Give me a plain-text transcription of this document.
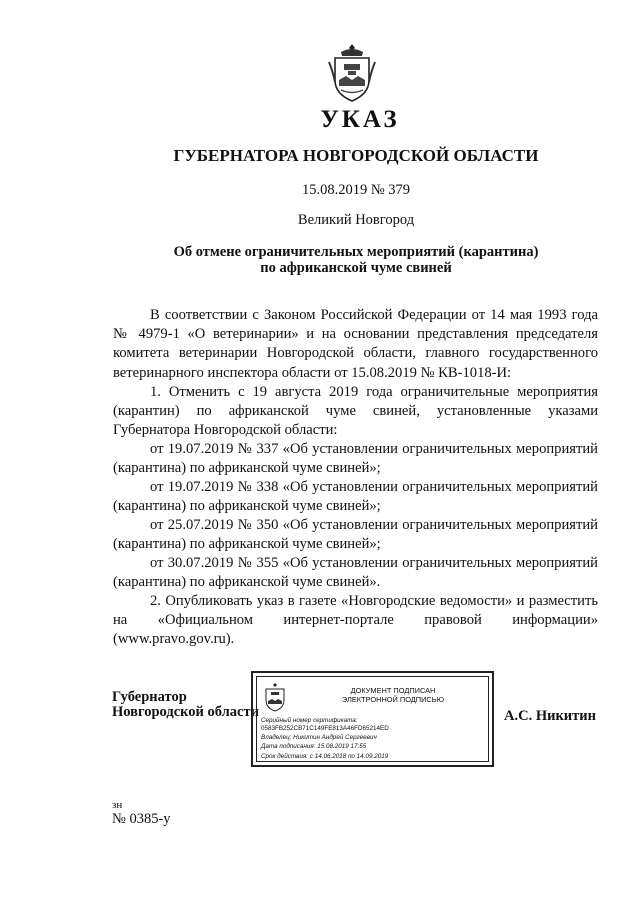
УКАЗ
ГУБЕРНАТОРА НОВГОРОДСКОЙ ОБЛАСТИ
15.08.2019 № 379
Великий Новгород
Об отмене ограничительных мероприятий (карантина)
по африканской чуме свиней

В соответствии с Законом Российской Федерации от 14 мая 1993 года № 4979-1 «О ветеринарии» и на основании представления председателя комитета ветеринарии Новгородской области, главного государственного ветеринарного инспектора области от 15.08.2019 № КВ-1018-И:

1. Отменить с 19 августа 2019 года ограничительные мероприятия (карантин) по африканской чуме свиней, установленные указами Губернатора Новгородской области:

от 19.07.2019 № 337 «Об установлении ограничительных мероприятий (карантина) по африканской чуме свиней»;

от 19.07.2019 № 338 «Об установлении ограничительных мероприятий (карантина) по африканской чуме свиней»;

от 25.07.2019 № 350 «Об установлении ограничительных мероприятий (карантина) по африканской чуме свиней»;

от 30.07.2019 № 355 «Об установлении ограничительных мероприятий (карантина) по африканской чуме свиней».

2. Опубликовать указ в газете «Новгородские ведомости» и разместить на «Официальном интернет-портале правовой информации» (www.pravo.gov.ru).

Губернатор
Новгородской области
ДОКУМЕНТ ПОДПИСАН
ЭЛЕКТРОННОЙ ПОДПИСЬЮ
Серийный номер сертификата:
0583FB252CB71C149FE813A46FD65214ED
Владелец: Никитин Андрей Сергеевич
Дата подписания: 15.08.2019 17:55
Срок действия: с 14.06.2018 по 14.09.2019
А.С. Никитин
зн
№ 0385-у
